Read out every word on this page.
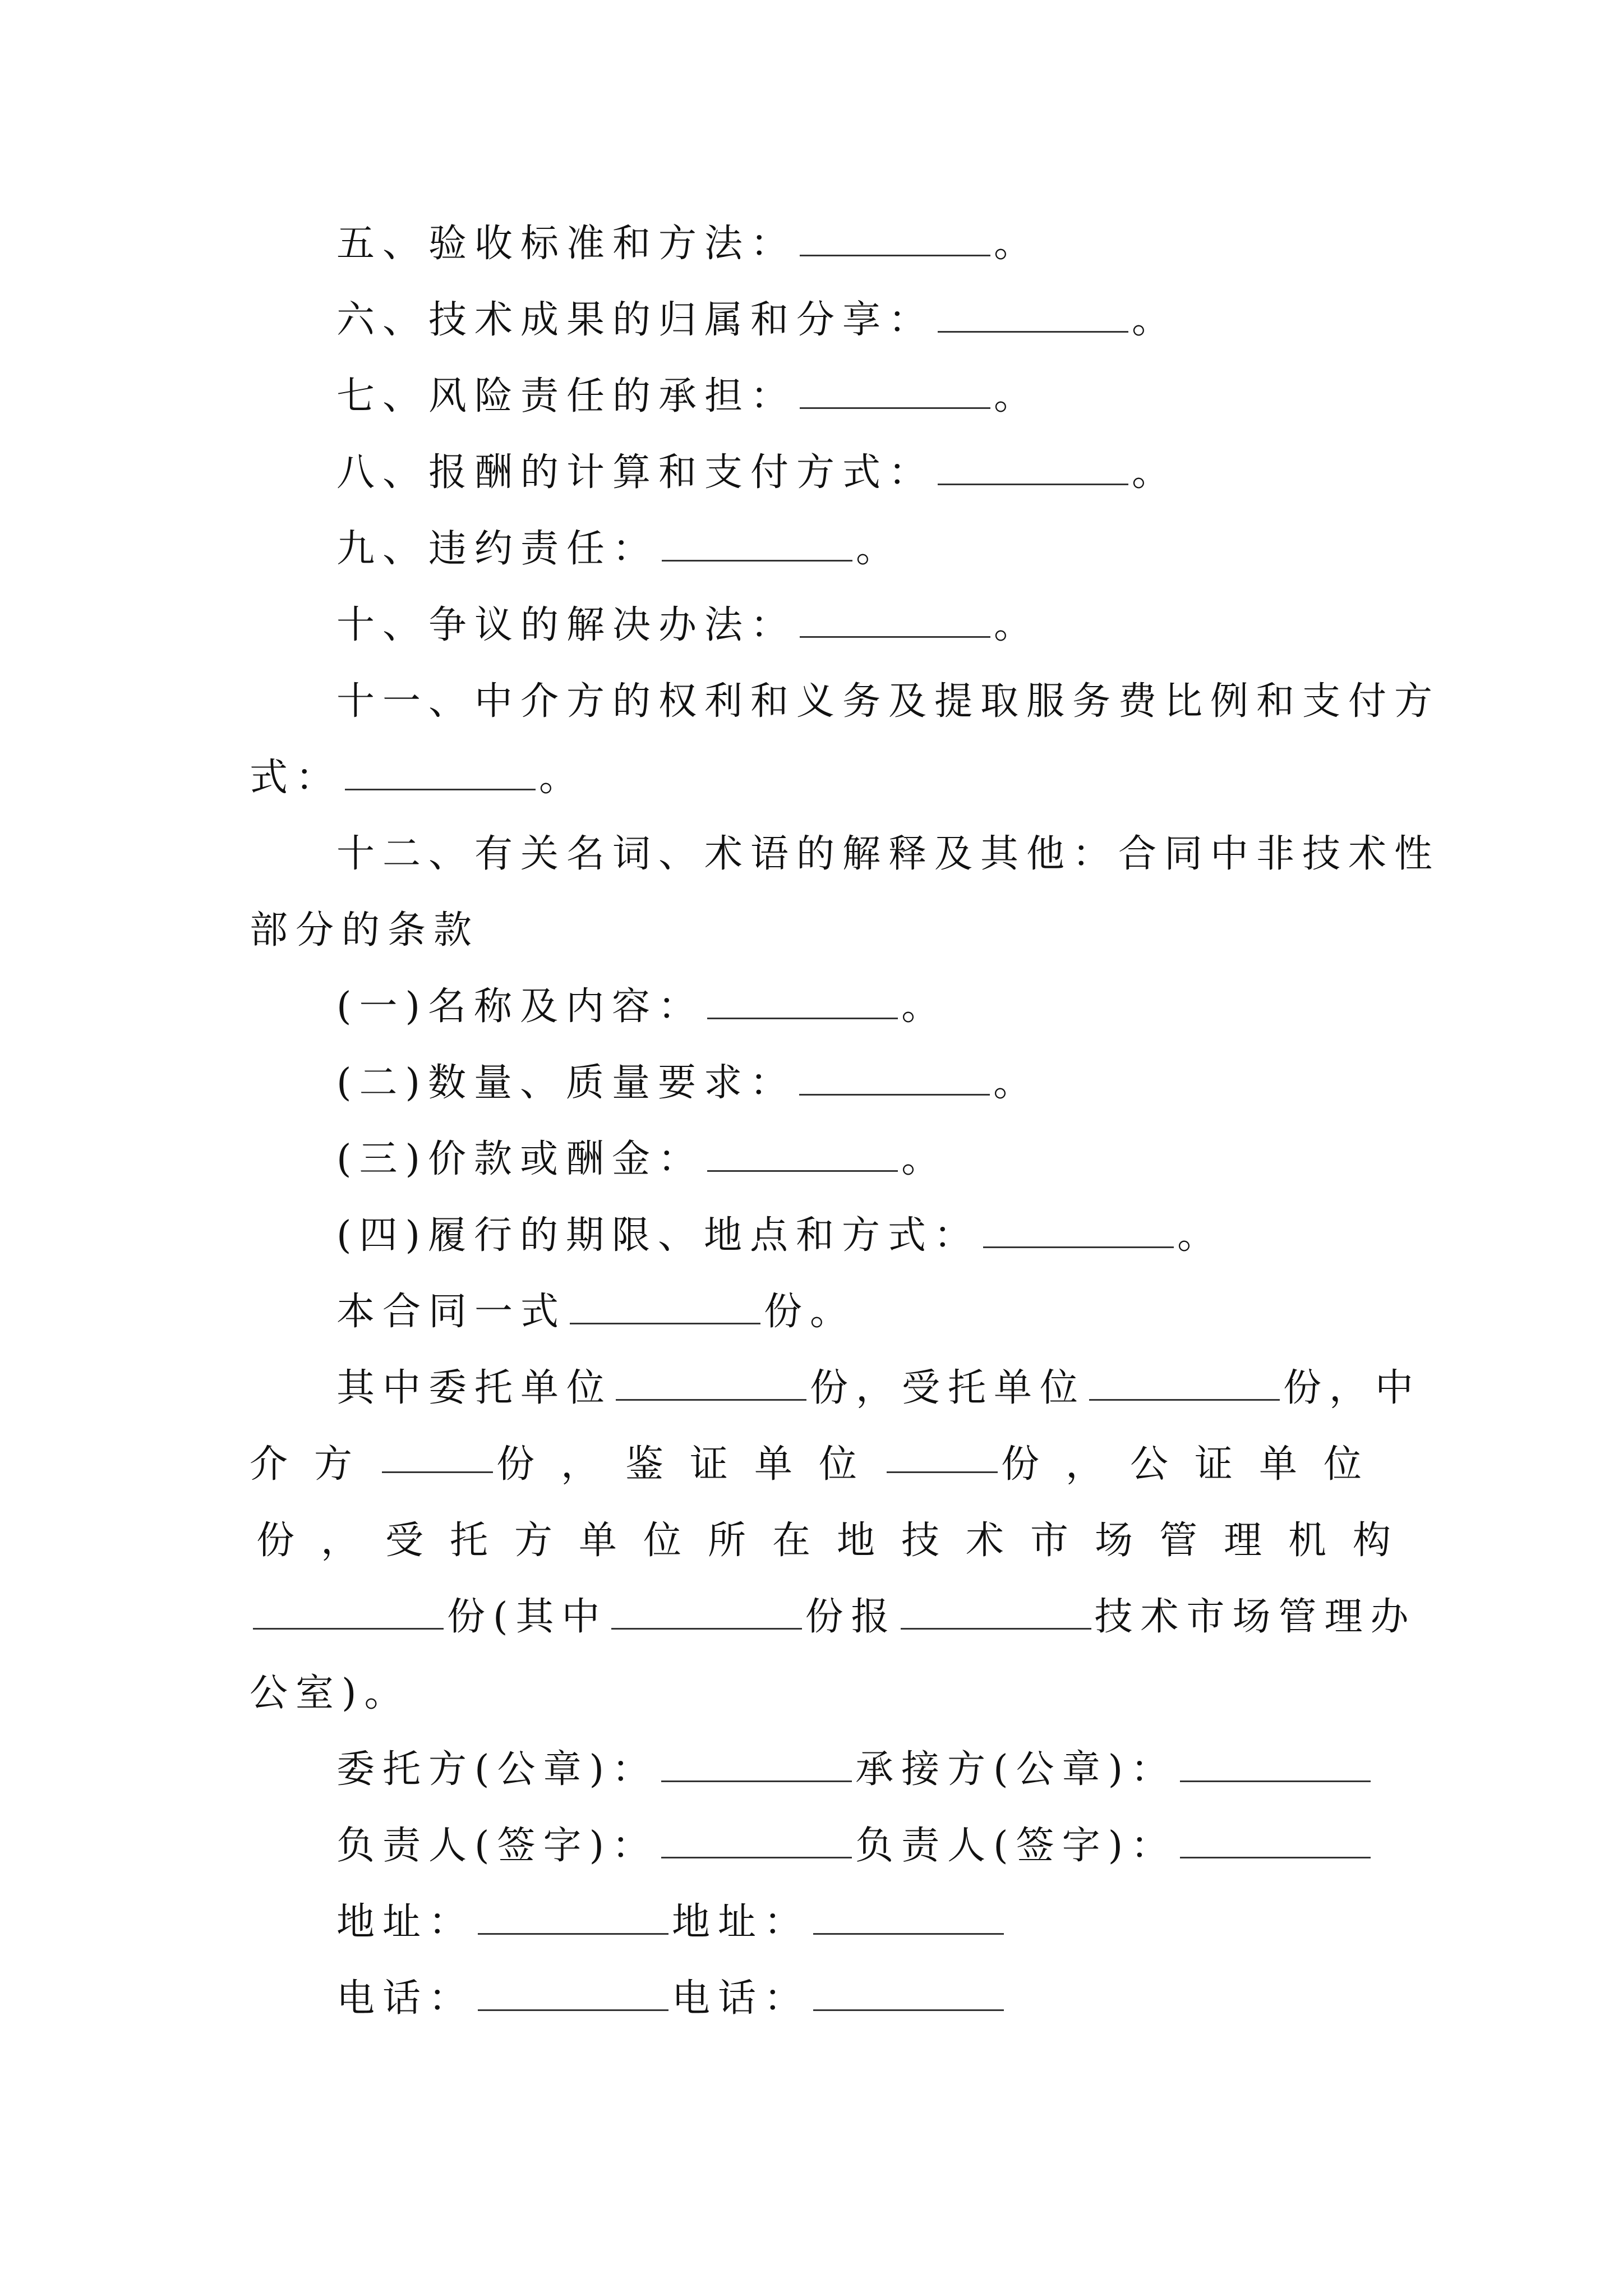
五、验收标准和方法：	。
六、技术成果的归属和分享：	。
七、风险责任的承担：	。
八、报酬的计算和支付方式：	。
九、违约责任：	。
十、争议的解决办法：	。
十一、中介方的权利和义务及提取服务费比例和支付方
式：	。
十二、有关名词、术语的解释及其他：合同中非技术性
部分的条款
(一)名称及内容：	。
(二)数量、质量要求：	。
(三)价款或酬金：	。
(四)履行的期限、地点和方式：	。
本合同一式	份。
其中委托单位	份，受托单位	份，中
介方	份，鉴证单位	份，公证单位
份，受托方单位所在地技术市场管理机构
份(其中	份报	技术市场管理办
公室)。
委托方(公章)：	承接方(公章)：
负责人(签字)：	负责人(签字)：
地址：	地址：
电话：	电话：
